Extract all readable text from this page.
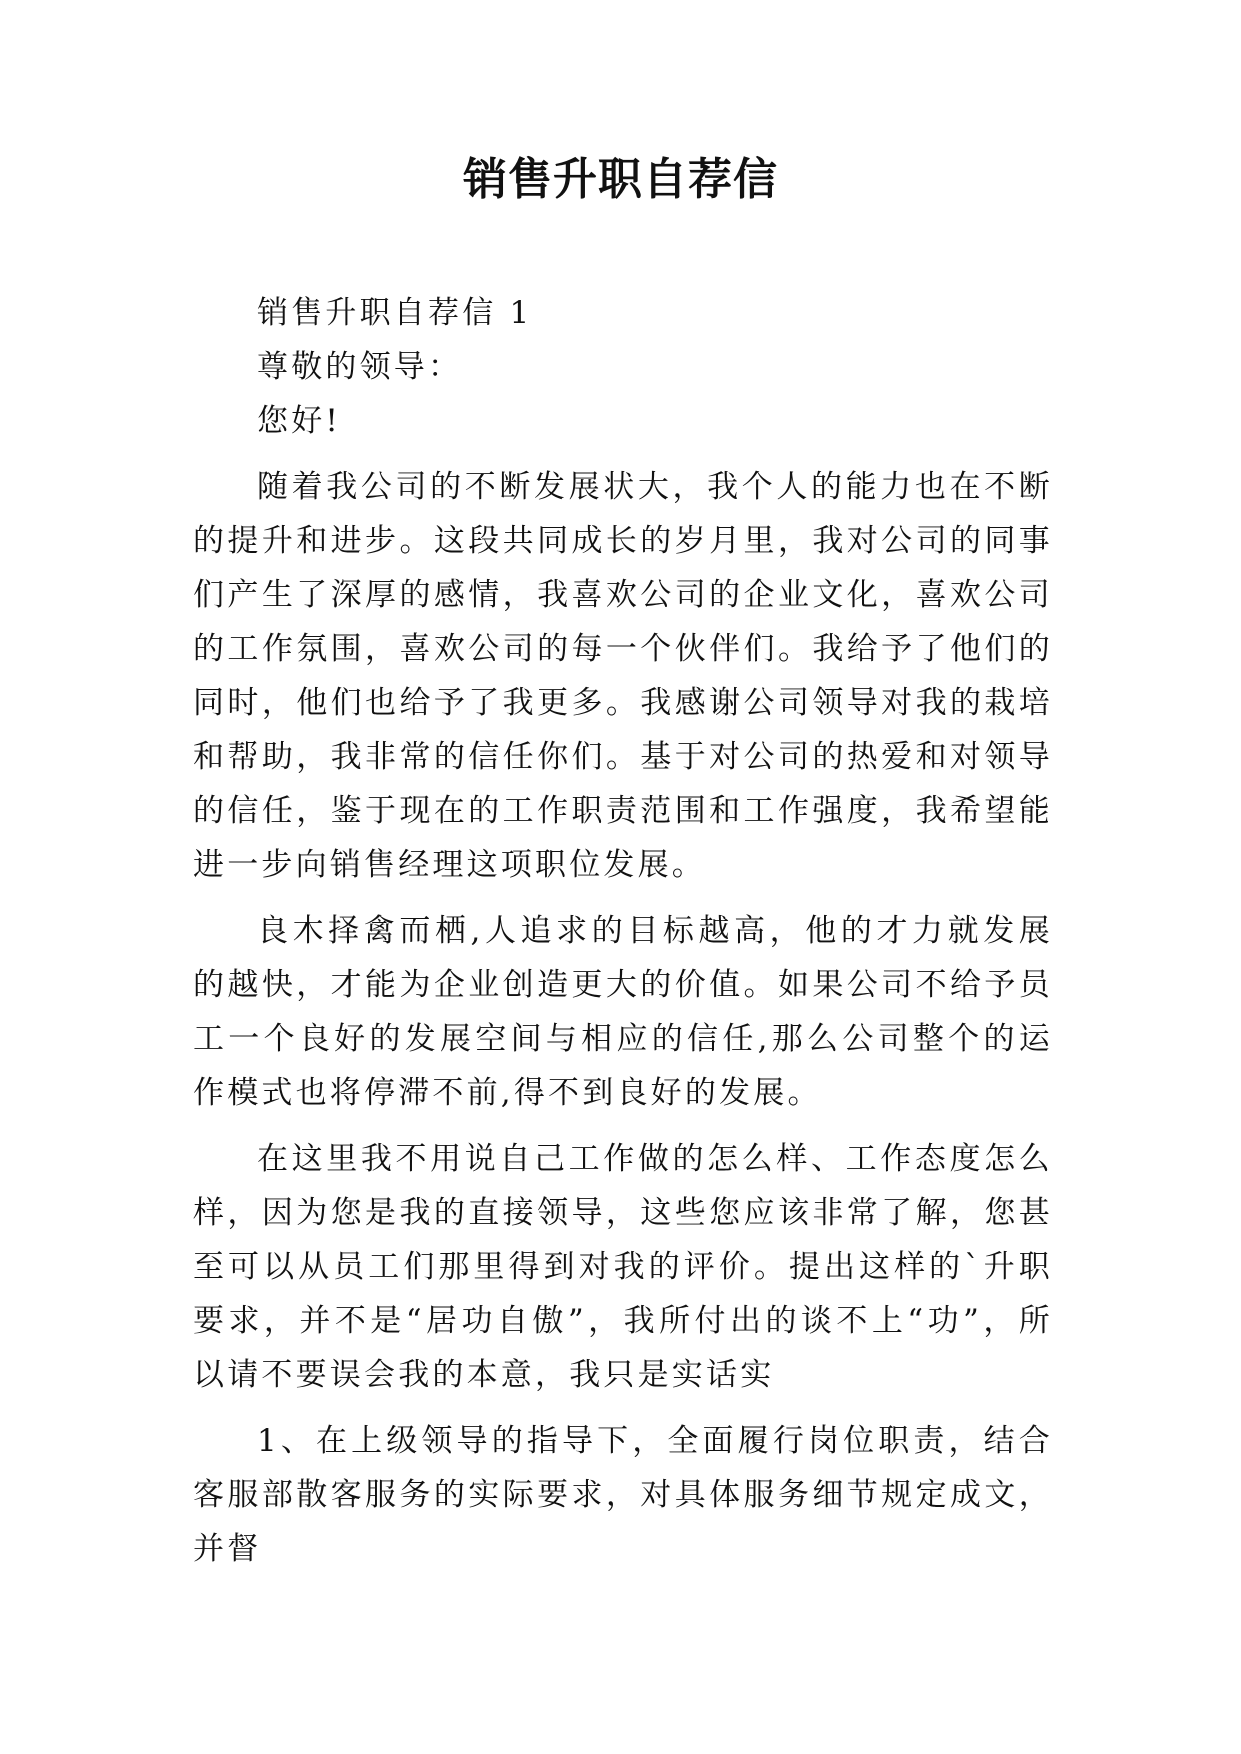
销售升职自荐信

销售升职自荐信 1

尊敬的领导：

您好!

随着我公司的不断发展状大，我个人的能力也在不断的提升和进步。这段共同成长的岁月里，我对公司的同事们产生了深厚的感情，我喜欢公司的企业文化，喜欢公司的工作氛围，喜欢公司的每一个伙伴们。我给予了他们的同时，他们也给予了我更多。我感谢公司领导对我的栽培和帮助，我非常的信任你们。基于对公司的热爱和对领导的信任，鉴于现在的工作职责范围和工作强度，我希望能进一步向销售经理这项职位发展。

良木择禽而栖,人追求的目标越高，他的才力就发展的越快，才能为企业创造更大的价值。如果公司不给予员工一个良好的发展空间与相应的信任,那么公司整个的运作模式也将停滞不前,得不到良好的发展。

在这里我不用说自己工作做的怎么样、工作态度怎么样，因为您是我的直接领导，这些您应该非常了解，您甚至可以从员工们那里得到对我的评价。提出这样的`升职要求，并不是“居功自傲”，我所付出的谈不上“功”，所以请不要误会我的本意，我只是实话实

1、在上级领导的指导下，全面履行岗位职责，结合客服部散客服务的实际要求，对具体服务细节规定成文，并督
